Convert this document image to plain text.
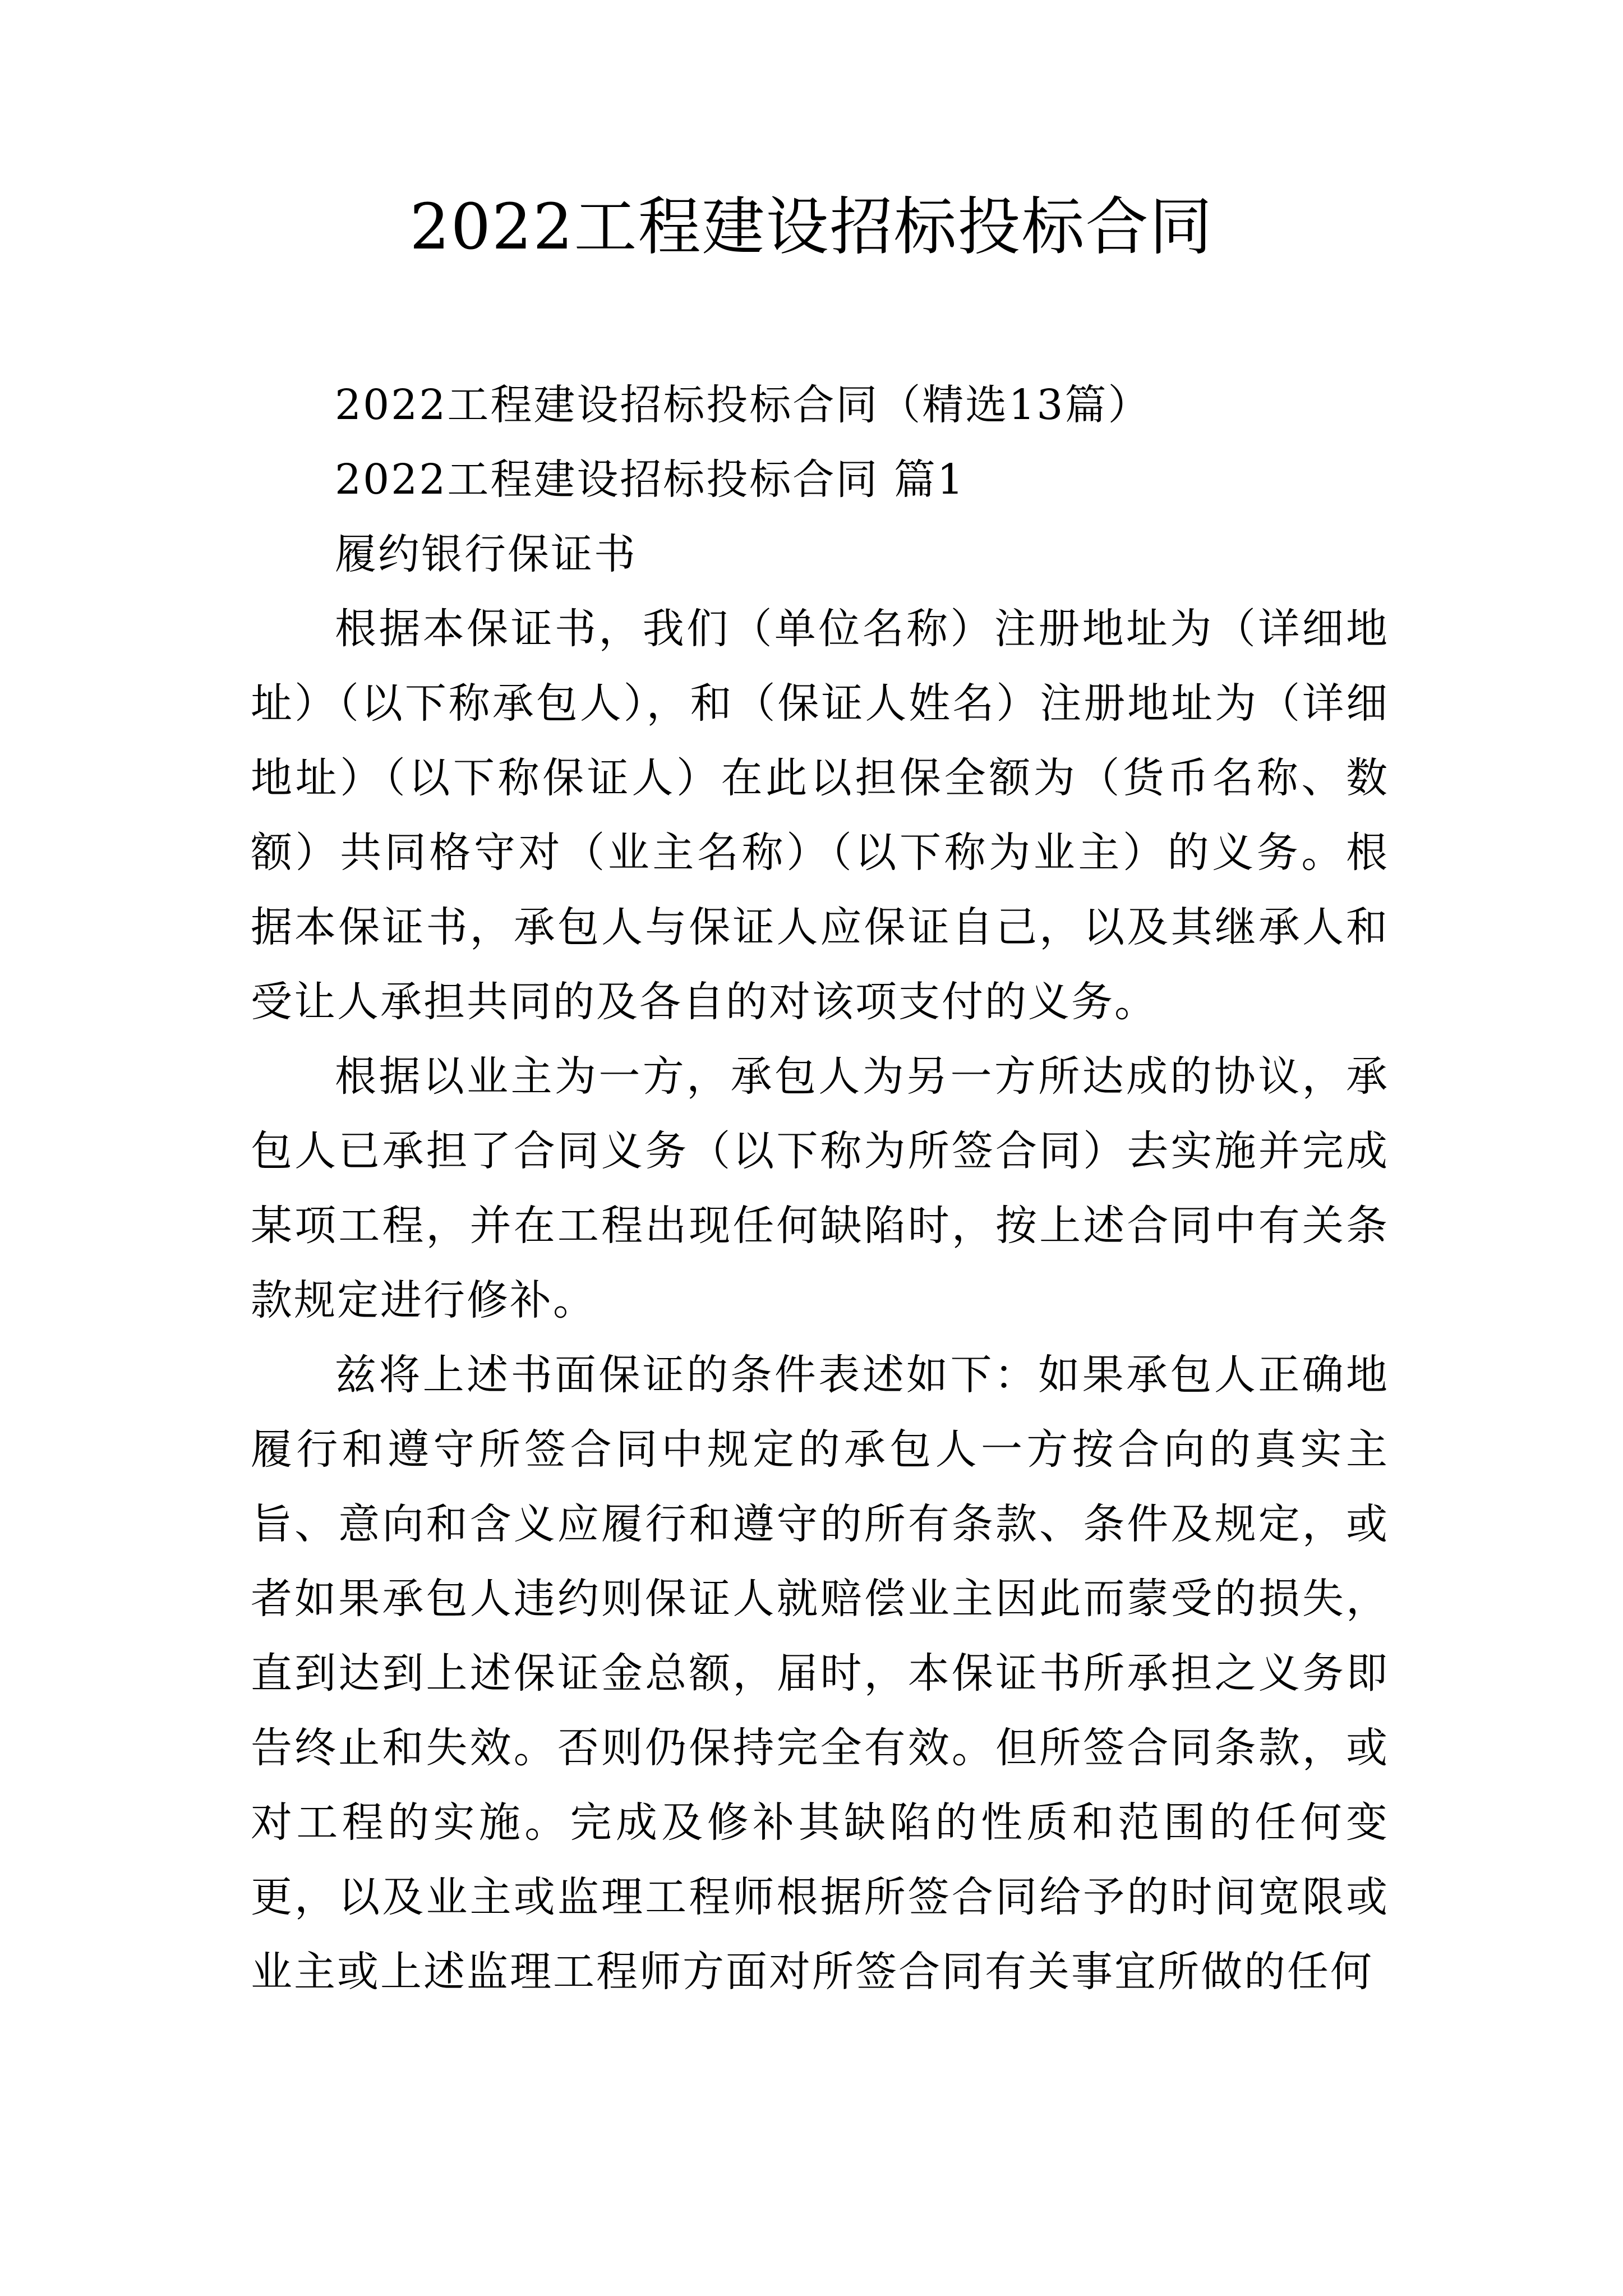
2022工程建设招标投标合同

2022工程建设招标投标合同（精选13篇）

2022工程建设招标投标合同 篇1

履约银行保证书

根据本保证书，我们（单位名称）注册地址为（详细地址）（以下称承包人），和（保证人姓名）注册地址为（详细地址）（以下称保证人）在此以担保全额为（货币名称、数额）共同格守对（业主名称）（以下称为业主）的义务。根据本保证书，承包人与保证人应保证自己，以及其继承人和受让人承担共同的及各自的对该项支付的义务。

根据以业主为一方，承包人为另一方所达成的协议，承包人已承担了合同义务（以下称为所签合同）去实施并完成某项工程，并在工程出现任何缺陷时，按上述合同中有关条款规定进行修补。

兹将上述书面保证的条件表述如下：如果承包人正确地履行和遵守所签合同中规定的承包人一方按合向的真实主旨、意向和含义应履行和遵守的所有条款、条件及规定，或者如果承包人违约则保证人就赔偿业主因此而蒙受的损失，直到达到上述保证金总额，届时，本保证书所承担之义务即告终止和失效。否则仍保持完全有效。但所签合同条款，或对工程的实施。完成及修补其缺陷的性质和范围的任何变更，以及业主或监理工程师根据所签合同给予的时间宽限或业主或上述监理工程师方面对所签合同有关事宜所做的任何
